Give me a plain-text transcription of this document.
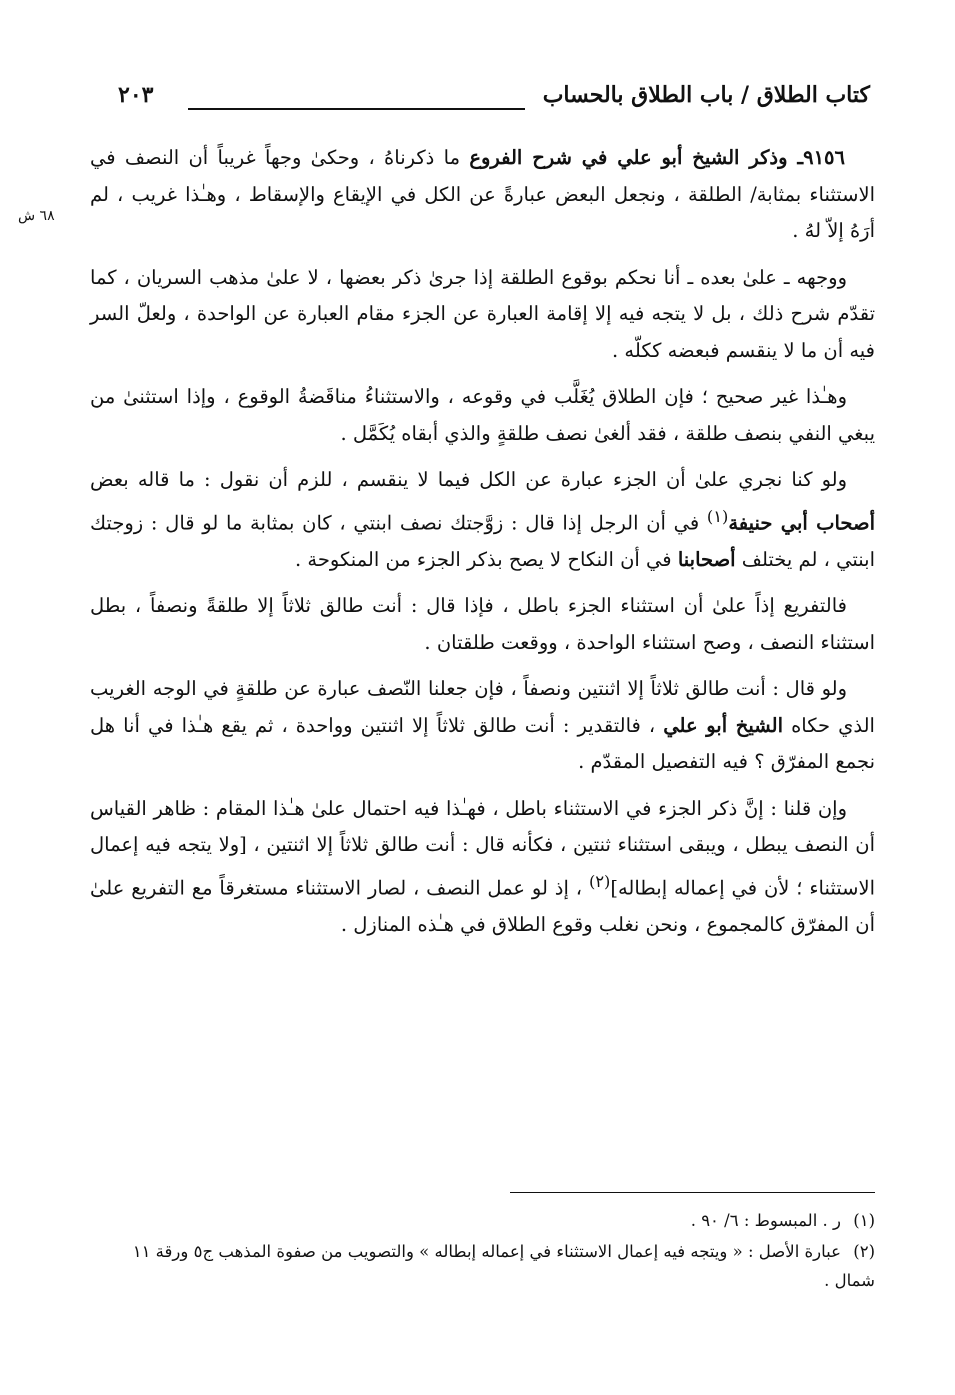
كتاب الطلاق / باب الطلاق بالحساب
٢٠٣
٦٨ ش

٩١٥٦ـ وذكر الشيخ أبو علي في شرح الفروع ما ذكرناهُ ، وحكىٰ وجهاً غريباً أن النصف في الاستثناء بمثابة/ الطلقة ، ونجعل البعض عبارةً عن الكل في الإيقاع والإسقاط ، وهـٰذا غريب ، لم أرَهُ إلاّ لهُ .

ووجهه ـ علىٰ بعده ـ أنا نحكم بوقوع الطلقة إذا جرىٰ ذكر بعضها ، لا علىٰ مذهب السريان ، كما تقدّم شرح ذلك ، بل لا يتجه فيه إلا إقامة العبارة عن الجزء مقام العبارة عن الواحدة ، ولعلّ السر فيه أن ما لا ينقسم فبعضه ككلّه .

وهـٰذا غير صحيح ؛ فإن الطلاق يُغَلَّب في وقوعه ، والاستثناءُ مناقَضةُ الوقوع ، وإذا استثنىٰ من يبغي النفي بنصف طلقة ، فقد ألغىٰ نصف طلقةٍ والذي أبقاه يُكَمَّل .

ولو كنا نجري علىٰ أن الجزء عبارة عن الكل فيما لا ينقسم ، للزم أن نقول : ما قاله بعض أصحاب أبي حنيفة$^{(١)}$ في أن الرجل إذا قال : زوَّجتك نصف ابنتي ، كان بمثابة ما لو قال : زوجتك ابنتي ، لم يختلف أصحابنا في أن النكاح لا يصح بذكر الجزء من المنكوحة .

فالتفريع إذاً علىٰ أن استثناء الجزء باطل ، فإذا قال : أنت طالق ثلاثاً إلا طلقةً ونصفاً ، بطل استثناء النصف ، وصح استثناء الواحدة ، ووقعت طلقتان .

ولو قال : أنت طالق ثلاثاً إلا اثنتين ونصفاً ، فإن جعلنا النّصف عبارة عن طلقةٍ في الوجه الغريب الذي حكاه الشيخ أبو علي ، فالتقدير : أنت طالق ثلاثاً إلا اثنتين وواحدة ، ثم يقع هـٰذا في أنا هل نجمع المفرّق ؟ فيه التفصيل المقدّم .

وإن قلنا : إنَّ ذكر الجزء في الاستثناء باطل ، فهـٰذا فيه احتمال علىٰ هـٰذا المقام : ظاهر القياس أن النصف يبطل ، ويبقى استثناء ثنتين ، فكأنه قال : أنت طالق ثلاثاً إلا اثنتين ، [ولا يتجه فيه إعمال الاستثناء ؛ لأن في إعماله إبطاله]$^{(٢)}$ ، إذ لو عمل النصف ، لصار الاستثناء مستغرقاً مع التفريع علىٰ أن المفرّق كالمجموع ، ونحن نغلب وقوع الطلاق في هـٰذه المنازل .

(١)ر . المبسوط : ٦/ ٩٠ .

(٢)عبارة الأصل : « ويتجه فيه إعمال الاستثناء في إعماله إبطاله » والتصويب من صفوة المذهب ج٥ ورقة ١١ شمال .
